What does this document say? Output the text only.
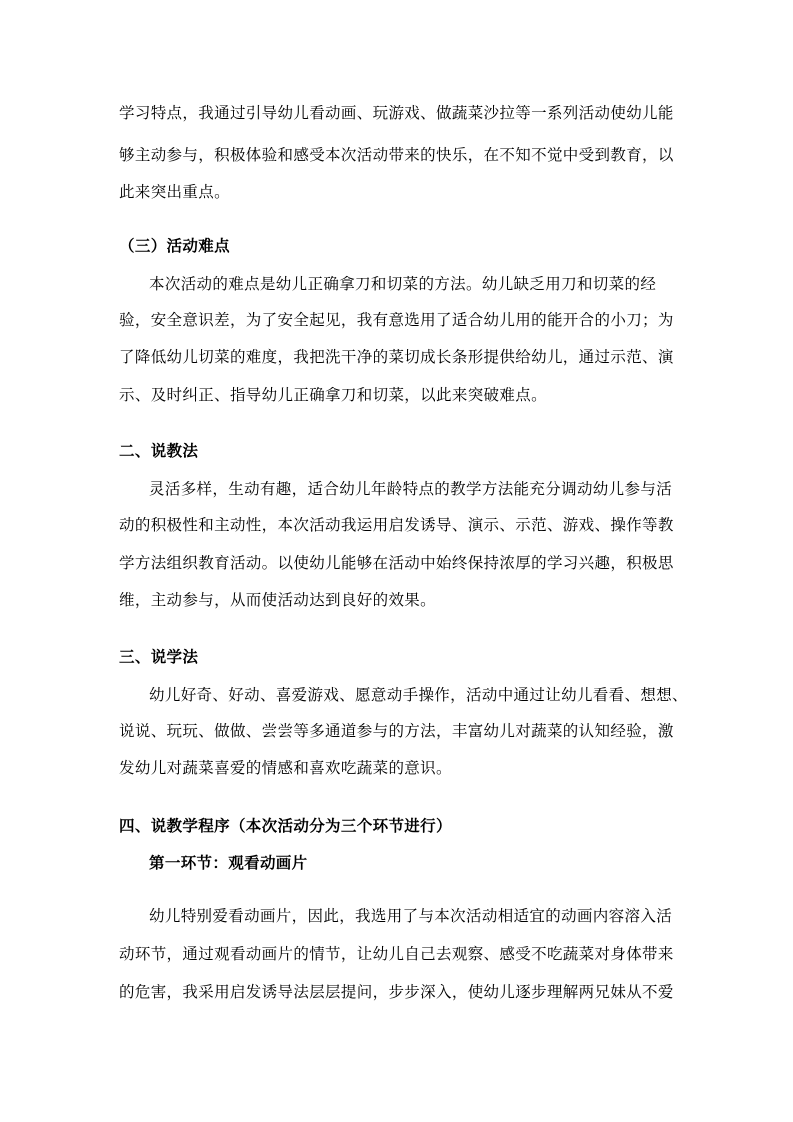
学习特点，我通过引导幼儿看动画、玩游戏、做蔬菜沙拉等一系列活动使幼儿能
够主动参与，积极体验和感受本次活动带来的快乐，在不知不觉中受到教育，以
此来突出重点。
（三）活动难点
本次活动的难点是幼儿正确拿刀和切菜的方法。幼儿缺乏用刀和切菜的经
验，安全意识差，为了安全起见，我有意选用了适合幼儿用的能开合的小刀；为
了降低幼儿切菜的难度，我把洗干净的菜切成长条形提供给幼儿，通过示范、演
示、及时纠正、指导幼儿正确拿刀和切菜，以此来突破难点。
二、说教法
灵活多样，生动有趣，适合幼儿年龄特点的教学方法能充分调动幼儿参与活
动的积极性和主动性，本次活动我运用启发诱导、演示、示范、游戏、操作等教
学方法组织教育活动。以使幼儿能够在活动中始终保持浓厚的学习兴趣，积极思
维，主动参与，从而使活动达到良好的效果。
三、说学法
幼儿好奇、好动、喜爱游戏、愿意动手操作，活动中通过让幼儿看看、想想、
说说、玩玩、做做、尝尝等多通道参与的方法，丰富幼儿对蔬菜的认知经验，激
发幼儿对蔬菜喜爱的情感和喜欢吃蔬菜的意识。
四、说教学程序（本次活动分为三个环节进行）
第一环节：观看动画片
幼儿特别爱看动画片，因此，我选用了与本次活动相适宜的动画内容溶入活
动环节，通过观看动画片的情节，让幼儿自己去观察、感受不吃蔬菜对身体带来
的危害，我采用启发诱导法层层提问，步步深入，使幼儿逐步理解两兄妹从不爱
